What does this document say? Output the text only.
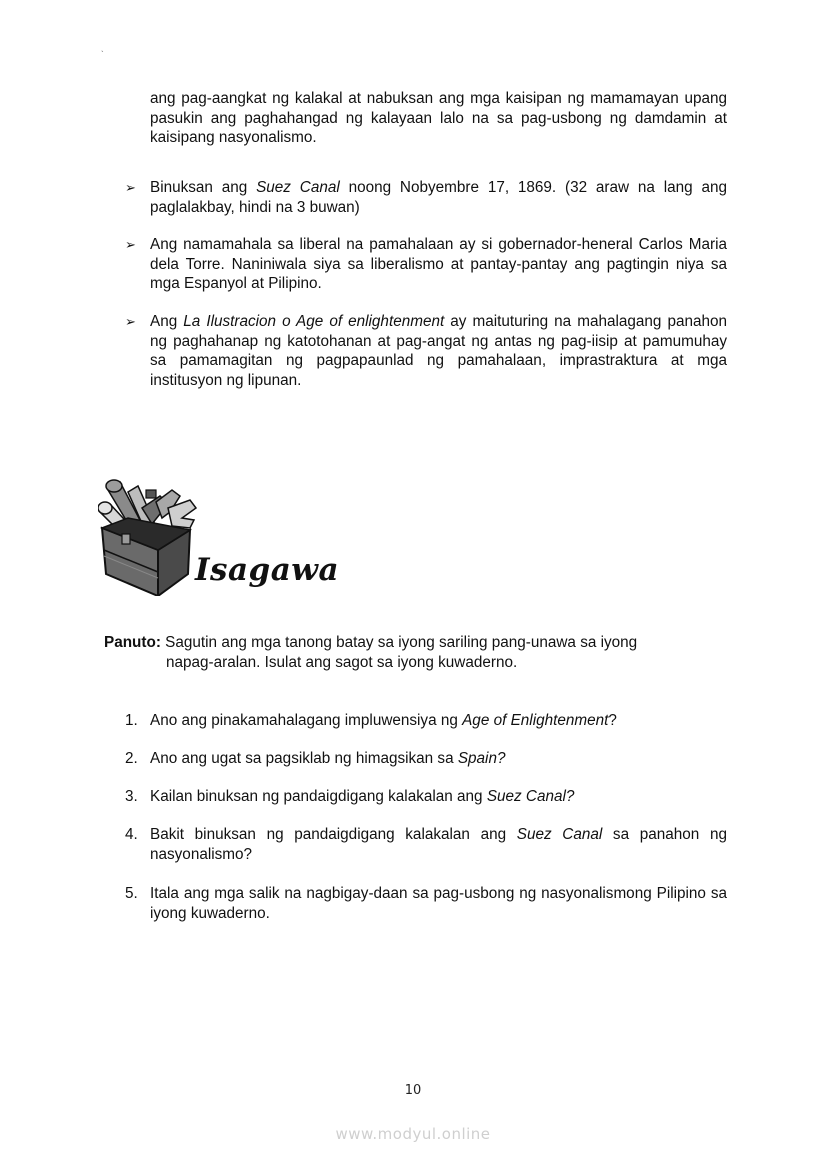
`

ang pag-aangkat ng kalakal at nabuksan ang mga kaisipan ng mamamayan upang pasukin ang paghahangad ng kalayaan lalo na sa pag-usbong ng damdamin at kaisipang nasyonalismo.

➢ Binuksan ang Suez Canal noong Nobyembre 17, 1869. (32 araw na lang ang paglalakbay, hindi na 3 buwan)
➢ Ang namamahala sa liberal na pamahalaan ay si gobernador-heneral Carlos Maria dela Torre. Naniniwala siya sa liberalismo at pantay-pantay ang pagtingin niya sa mga Espanyol at Pilipino.
➢ Ang La Ilustracion o Age of enlightenment ay maituturing na mahalagang panahon ng paghahanap ng katotohanan at pag-angat ng antas ng pag-iisip at pamumuhay sa pamamagitan ng pagpapaunlad ng pamahalaan, imprastraktura at mga institusyon ng lipunan.
Isagawa
Panuto: Sagutin ang mga tanong batay sa iyong sariling pang-unawa sa iyong
napag-aralan. Isulat ang sagot sa iyong kuwaderno.
1. Ano ang pinakamahalagang impluwensiya ng Age of Enlightenment?
2. Ano ang ugat sa pagsiklab ng himagsikan sa Spain?
3. Kailan binuksan ng pandaigdigang kalakalan ang Suez Canal?
4. Bakit binuksan ng pandaigdigang kalakalan ang Suez Canal sa panahon ng nasyonalismo?
5. Itala ang mga salik na nagbigay-daan sa pag-usbong ng nasyonalismong Pilipino sa iyong kuwaderno.
10
www.modyul.online
